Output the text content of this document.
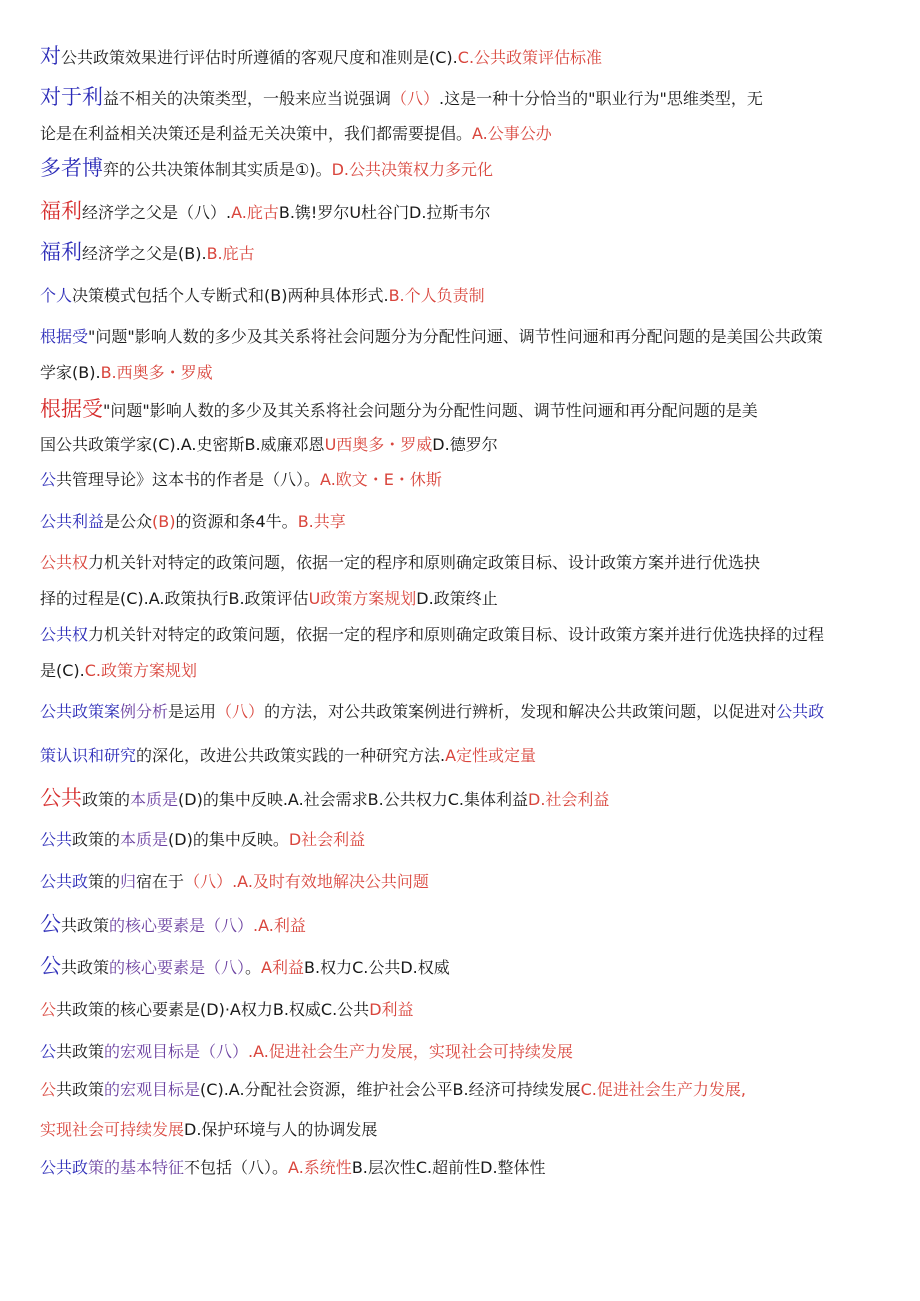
对公共政策效果进行评估时所遵循的客观尺度和准则是(C).C.公共政策评估标准
对于利益不相关的决策类型，一般来应当说强调（八）.这是一种十分恰当的"职业行为"思维类型，无
论是在利益相关决策还是利益无关决策中，我们都需要提倡。A.公事公办
多者博弈的公共决策体制其实质是①)。D.公共决策权力多元化
福利经济学之父是（八）.A.庇古B.镌!罗尔U杜谷门D.拉斯韦尔
福利经济学之父是(B).B.庇古
个人决策模式包括个人专断式和(B)两种具体形式.B.个人负责制
根据受"问题"影响人数的多少及其关系将社会问题分为分配性问逦、调节性问逦和再分配问题的是美国公共政策
学家(B).B.西奥多・罗威
根据受"问题"影响人数的多少及其关系将社会问题分为分配性问题、调节性问逦和再分配问题的是美
国公共政策学家(C).A.史密斯B.威廉邓恩U西奥多・罗威D.德罗尔
公共管理导论》这本书的作者是（八）。A.欧文・E・休斯
公共利益是公众(B)的资源和条4牛。B.共享
公共权力机关针对特定的政策问题，依据一定的程序和原则确定政策目标、设计政策方案并进行优选抉
择的过程是(C).A.政策执行B.政策评估U政策方案规划D.政策终止
公共权力机关针对特定的政策问题，依据一定的程序和原则确定政策目标、设计政策方案并进行优选抉择的过程
是(C).C.政策方案规划
公共政策案例分析是运用（八）的方法，对公共政策案例进行辨析，发现和解决公共政策问题，以促进对公共政
策认识和研究的深化，改进公共政策实践的一种研究方法.A定性或定量
公共政策的本质是(D)的集中反映.A.社会需求B.公共权力C.集体利益D.社会利益
公共政策的本质是(D)的集中反映。D社会利益
公共政策的归宿在于（八）.A.及时有效地解决公共问题
公共政策的核心要素是（八）.A.利益
公共政策的核心要素是（八）。A利益B.权力C.公共D.权威
公共政策的核心要素是(D)·A权力B.权威C.公共D利益
公共政策的宏观目标是（八）.A.促进社会生产力发展，实现社会可持续发展
公共政策的宏观目标是(C).A.分配社会资源，维护社会公平B.经济可持续发展C.促进社会生产力发展,
实现社会可持续发展D.保护环境与人的协调发展
公共政策的基本特征不包括（八）。A.系统性B.层次性C.超前性D.整体性
